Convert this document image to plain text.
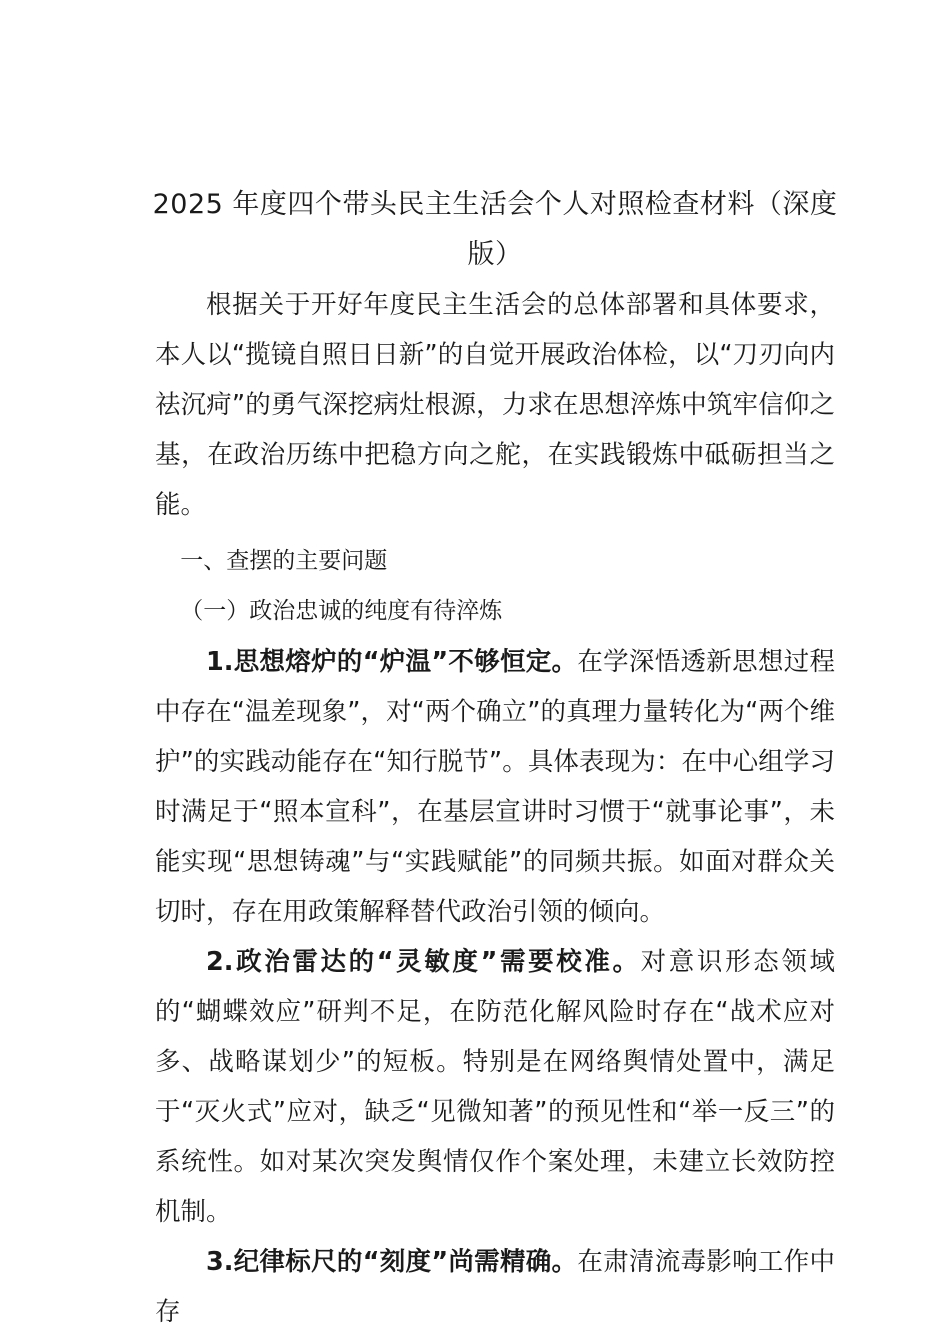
2025 年度四个带头民主生活会个人对照检查材料（深度版）

根据关于开好年度民主生活会的总体部署和具体要求，本人以“揽镜自照日日新”的自觉开展政治体检，以“刀刃向内祛沉疴”的勇气深挖病灶根源，力求在思想淬炼中筑牢信仰之基，在政治历练中把稳方向之舵，在实践锻炼中砥砺担当之能。

一、查摆的主要问题

（一）政治忠诚的纯度有待淬炼

1.思想熔炉的“炉温”不够恒定。在学深悟透新思想过程中存在“温差现象”，对“两个确立”的真理力量转化为“两个维护”的实践动能存在“知行脱节”。具体表现为：在中心组学习时满足于“照本宣科”，在基层宣讲时习惯于“就事论事”，未能实现“思想铸魂”与“实践赋能”的同频共振。如面对群众关切时，存在用政策解释替代政治引领的倾向。

2.政治雷达的“灵敏度”需要校准。对意识形态领域的“蝴蝶效应”研判不足，在防范化解风险时存在“战术应对多、战略谋划少”的短板。特别是在网络舆情处置中，满足于“灭火式”应对，缺乏“见微知著”的预见性和“举一反三”的系统性。如对某次突发舆情仅作个案处理，未建立长效防控机制。

3.纪律标尺的“刻度”尚需精确。在肃清流毒影响工作中存
